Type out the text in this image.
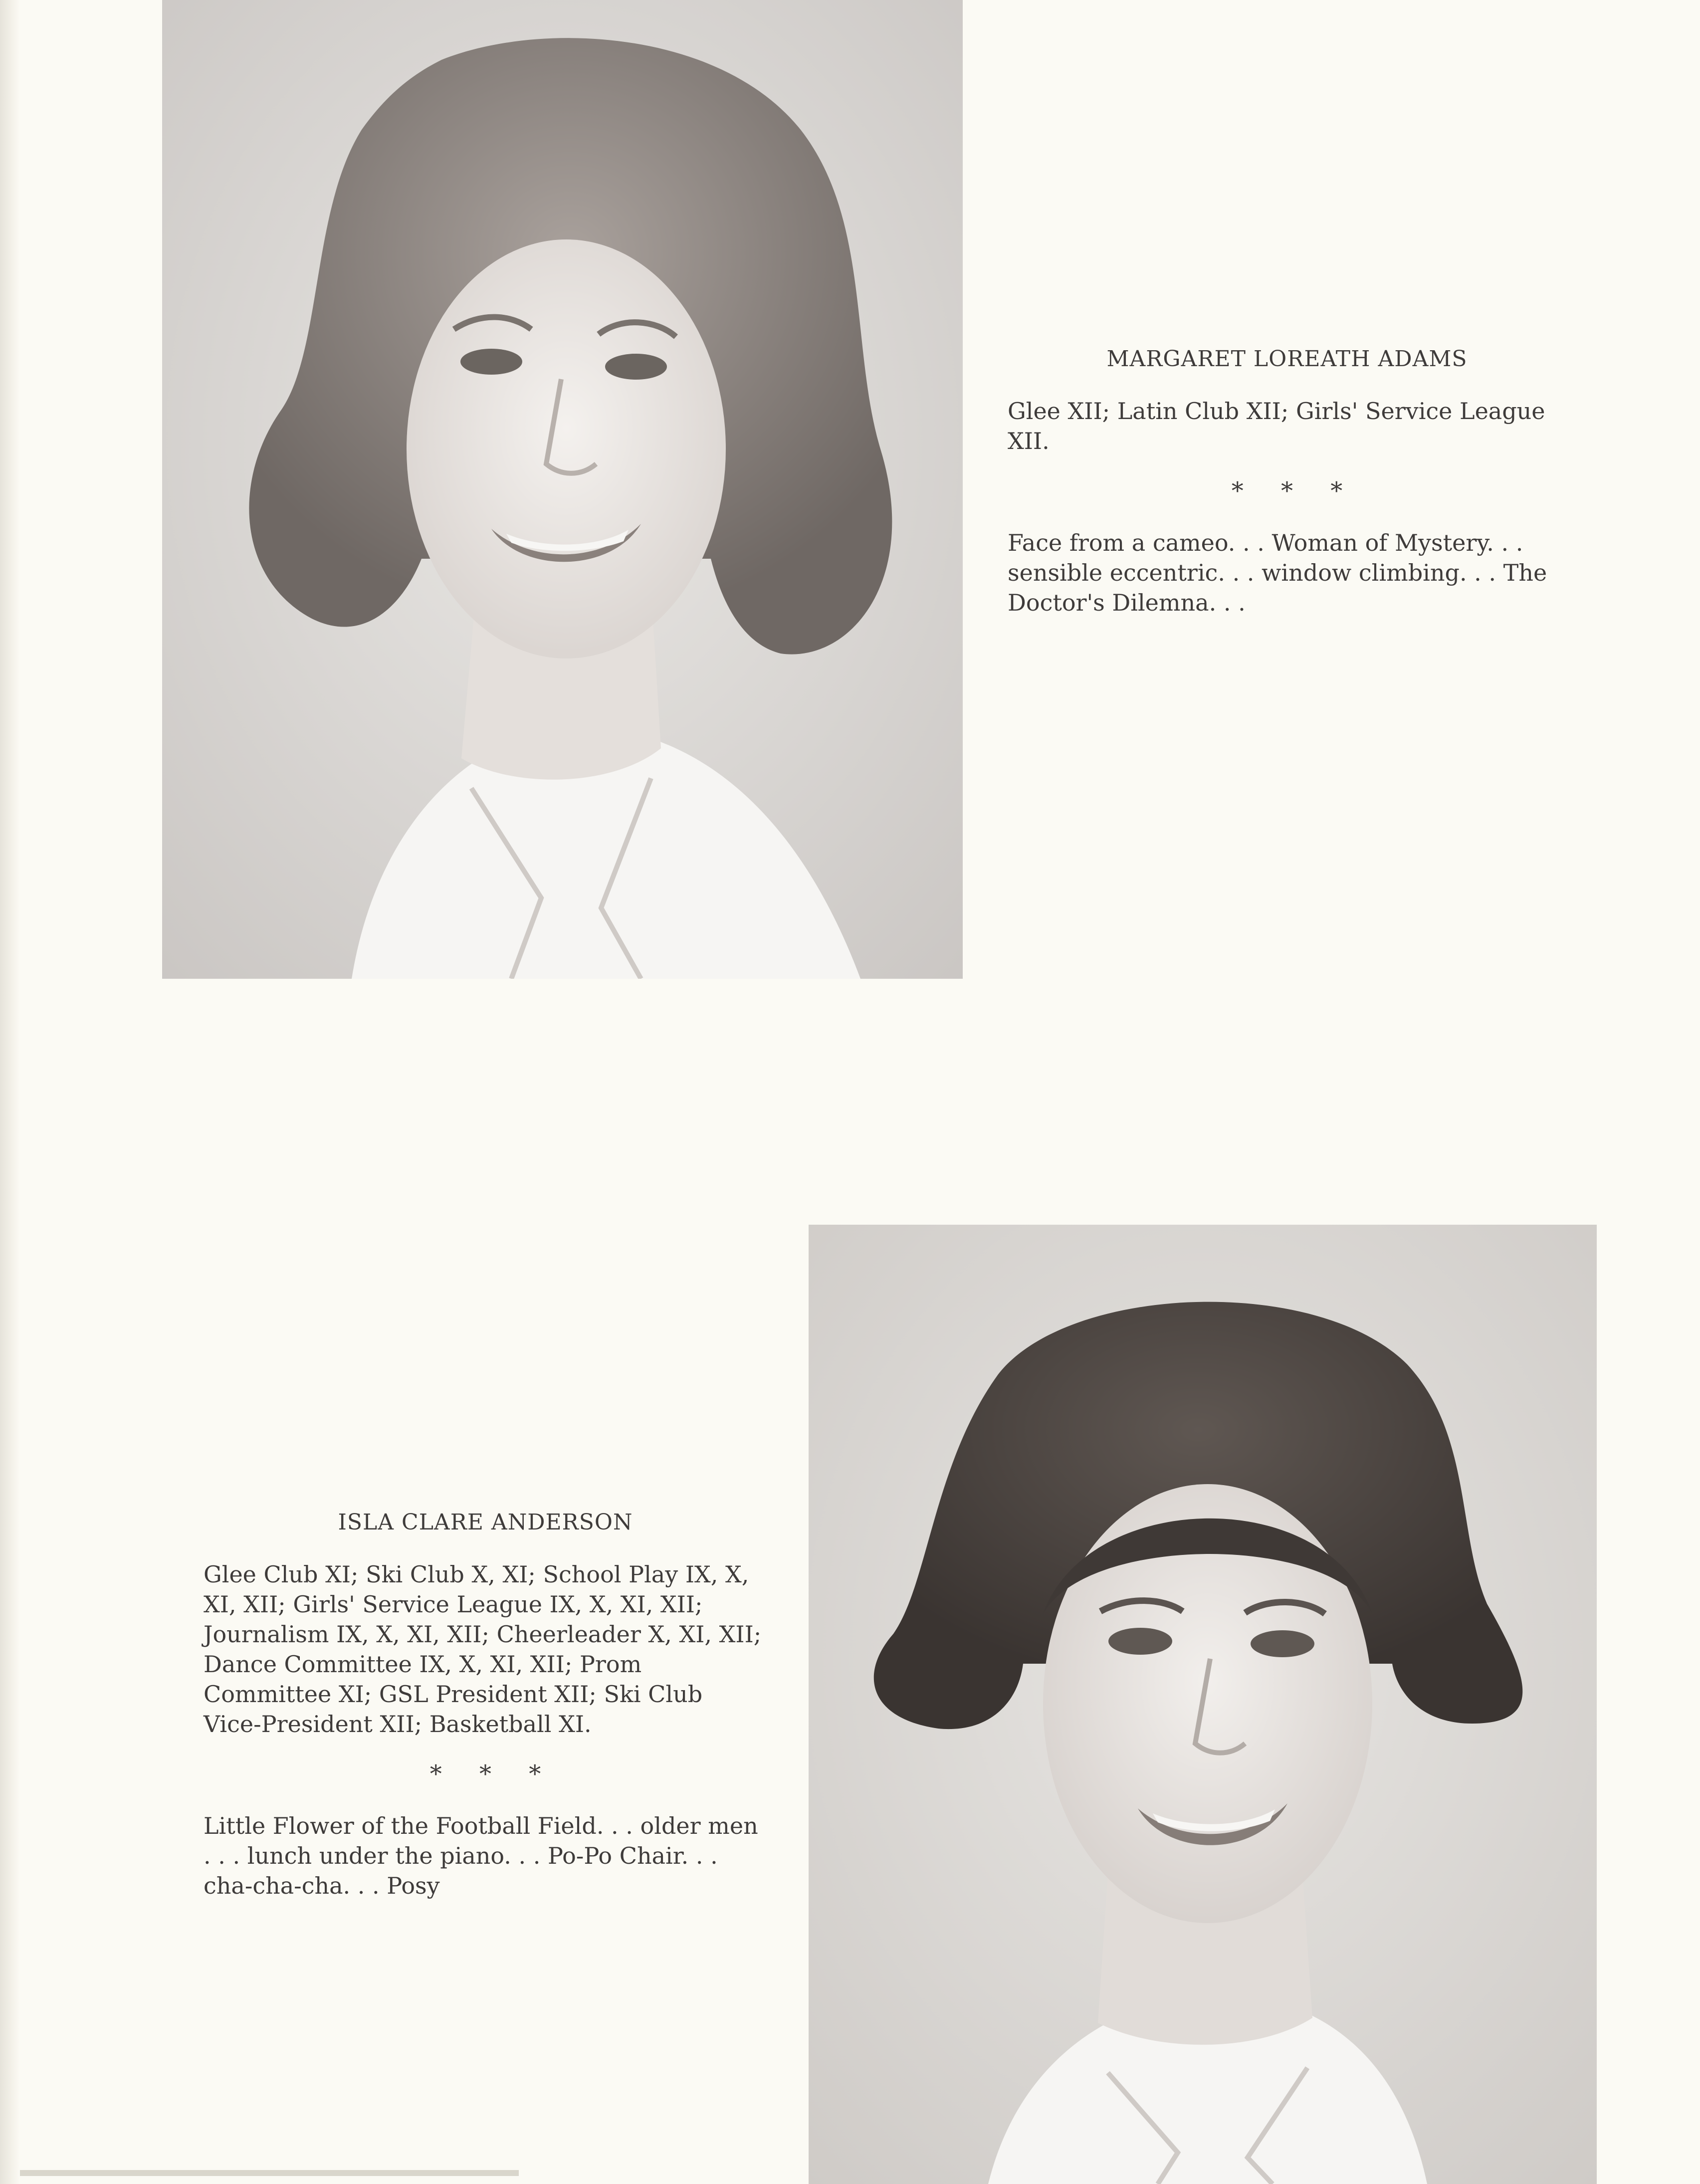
MARGARET LOREATH ADAMS

Glee XII; Latin Club XII; Girls' Service League XII.

* * *

Face from a cameo. . . Woman of Mystery. . . sensible eccentric. . . window climbing. . . The Doctor's Dilemna. . .

ISLA CLARE ANDERSON

Glee Club XI; Ski Club X, XI; School Play IX, X, XI, XII; Girls' Service League IX, X, XI, XII; Journalism IX, X, XI, XII; Cheerleader X, XI, XII; Dance Committee IX, X, XI, XII; Prom Committee XI; GSL President XII; Ski Club Vice-President XII; Basketball XI.

* * *

Little Flower of the Football Field. . . older men . . . lunch under the piano. . . Po-Po Chair. . . cha-cha-cha. . . Posy
